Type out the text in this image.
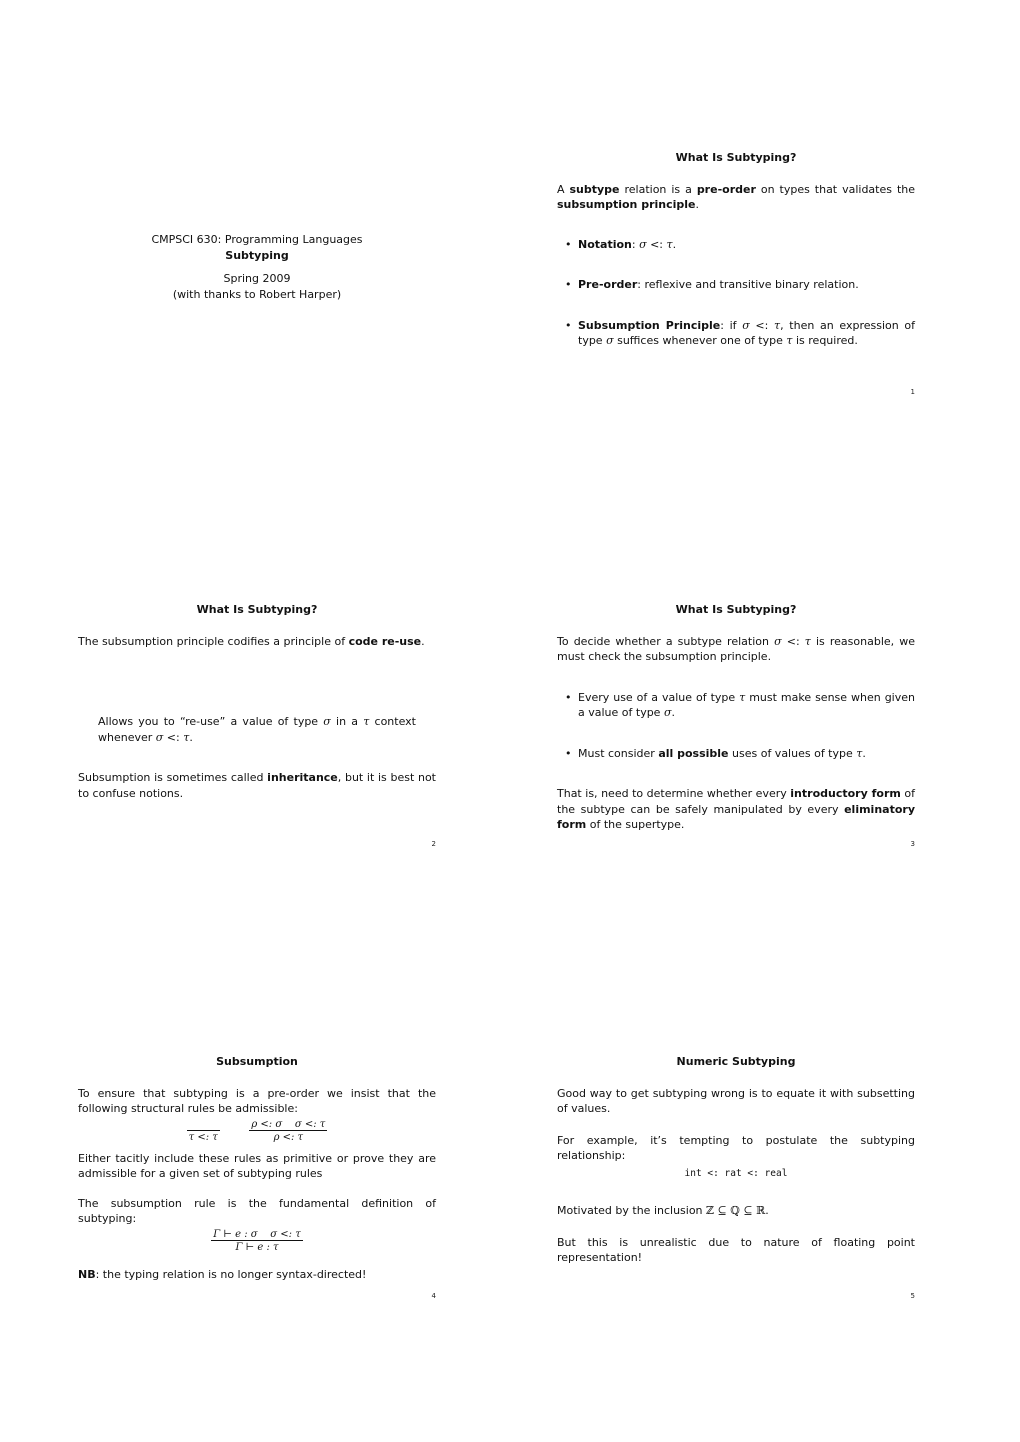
CMPSCI 630: Programming Languages
Subtyping
Spring 2009
(with thanks to Robert Harper)
What Is Subtyping?

A subtype relation is a pre-order on types that validates the subsumption principle.

• Notation: σ <: τ.
• Pre-order: reflexive and transitive binary relation.
• Subsumption Principle: if σ <: τ, then an expression of type σ suffices whenever one of type τ is required.
1
What Is Subtyping?

The subsumption principle codifies a principle of code re-use.

Allows you to “re-use” a value of type σ in a τ context whenever σ <: τ.

Subsumption is sometimes called inheritance, but it is best not to confuse notions.

2
What Is Subtyping?

To decide whether a subtype relation σ <: τ is reasonable, we must check the subsumption principle.

• Every use of a value of type τ must make sense when given a value of type σ.
• Must consider all possible uses of values of type τ.

That is, need to determine whether every introductory form of the subtype can be safely manipulated by every eliminatory form of the supertype.

3
Subsumption

To ensure that subtyping is a pre-order we insist that the following structural rules be admissible:

τ <: τ
	$\frac{\text{ρ <: σ    σ <: τ}}{\rho <: \tau}$

Either tacitly include these rules as primitive or prove they are admissible for a given set of subtyping rules

The subsumption rule is the fundamental definition of subtyping:

$\frac{\text{Γ ⊢ e : σ    σ <: τ}}{\Gamma ⊢ e : \tau}$

NB: the typing relation is no longer syntax-directed!

4
Numeric Subtyping

Good way to get subtyping wrong is to equate it with subsetting of values.

For example, it’s tempting to postulate the subtyping relationship:

int <: rat <: real

Motivated by the inclusion ℤ ⊆ ℚ ⊆ ℝ.

But this is unrealistic due to nature of floating point representation!

5
